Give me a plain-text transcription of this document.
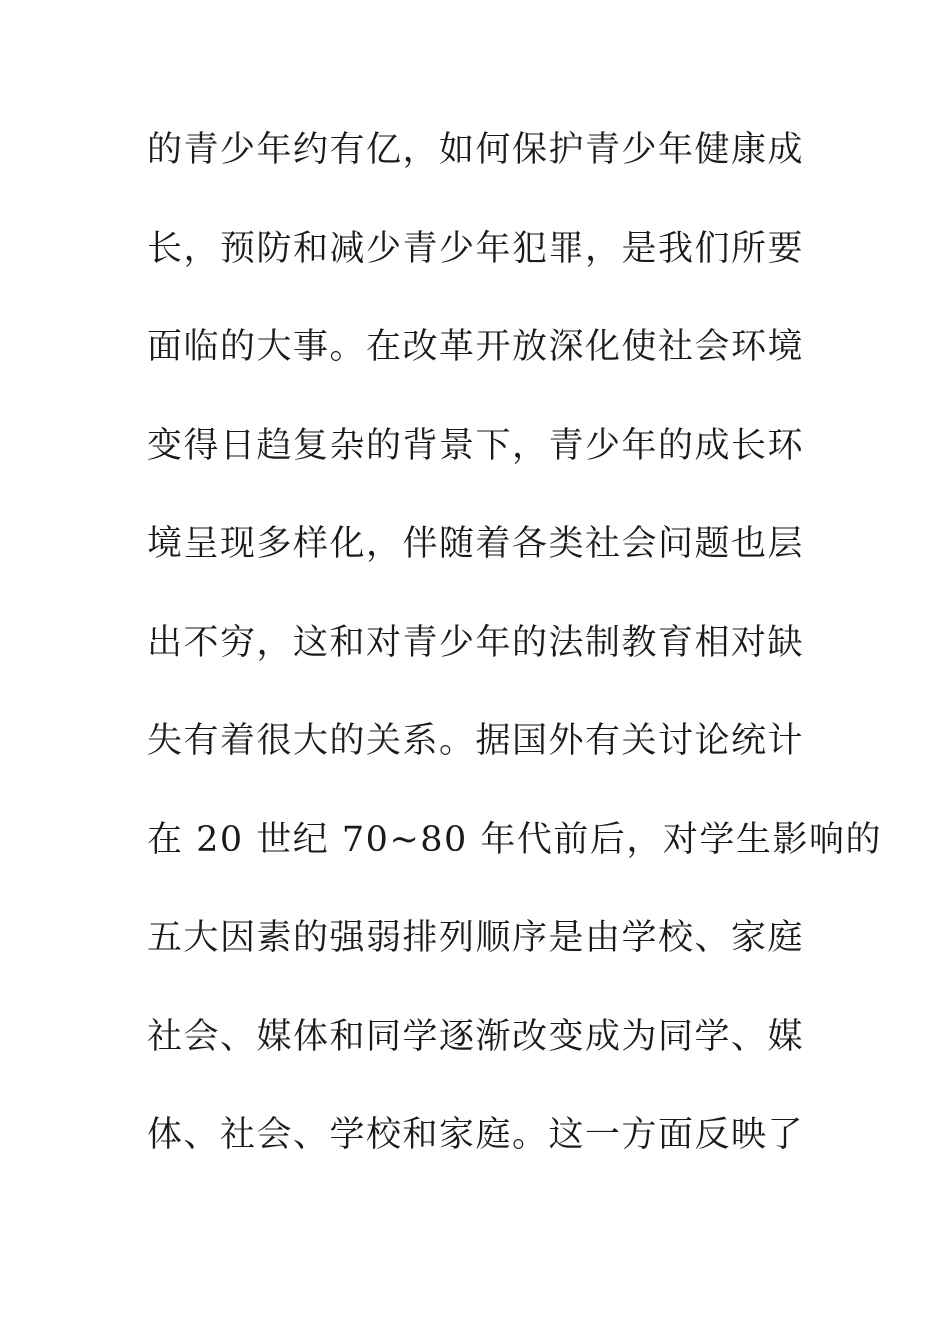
的青少年约有亿，如何保护青少年健康成
长，预防和减少青少年犯罪，是我们所要
面临的大事。在改革开放深化使社会环境
变得日趋复杂的背景下，青少年的成长环
境呈现多样化，伴随着各类社会问题也层
出不穷，这和对青少年的法制教育相对缺
失有着很大的关系。据国外有关讨论统计
在 20 世纪 70~80 年代前后，对学生影响的
五大因素的强弱排列顺序是由学校、家庭
社会、媒体和同学逐渐改变成为同学、媒
体、社会、学校和家庭。这一方面反映了
